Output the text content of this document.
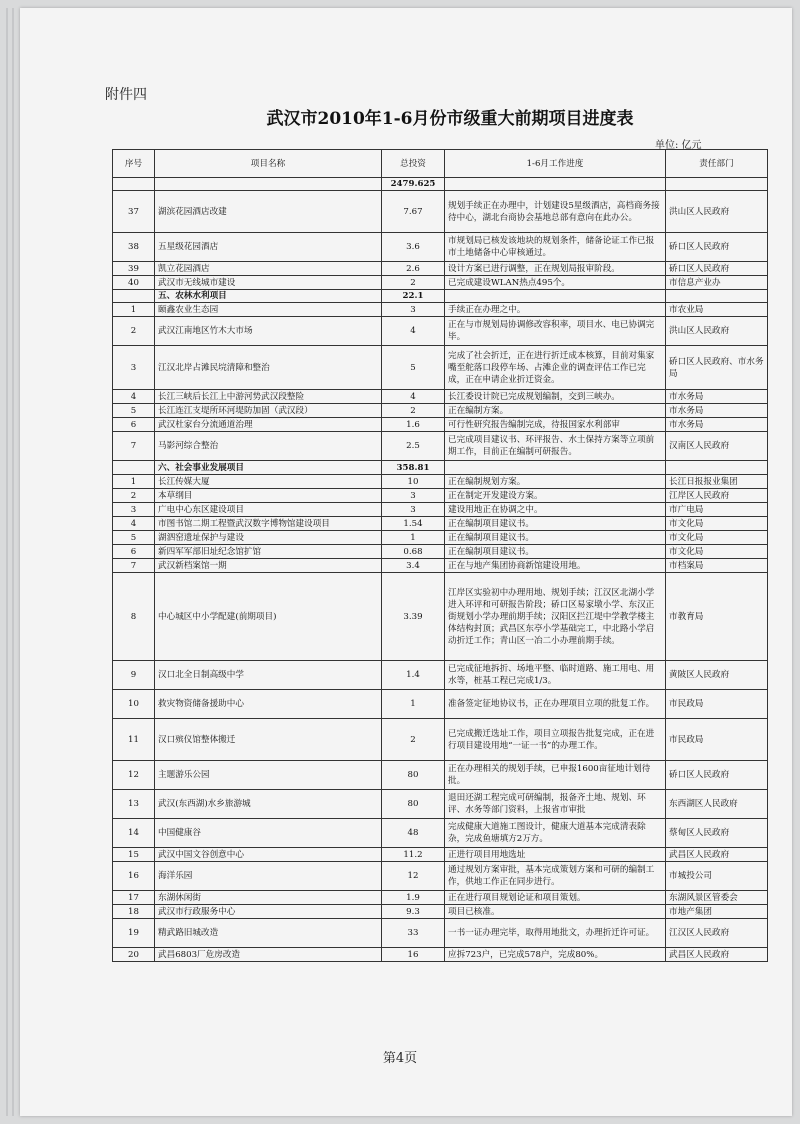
附件四
武汉市2010年1-6月份市级重大前期项目进度表
单位: 亿元
序号	项目名称	总投资	1-6月工作进度	责任部门
		2479.625		
37	湖滨花园酒店改建	7.67	规划手续正在办理中，计划建设5星级酒店，高档商务接待中心，湖北台商协会基地总部有意向在此办公。	洪山区人民政府
38	五星级花园酒店	3.6	市规划局已核发该地块的规划条件，储备论证工作已报市土地储备中心审核通过。	硚口区人民政府
39	凯立花园酒店	2.6	设计方案已进行调整，正在规划局报审阶段。	硚口区人民政府
40	武汉市无线城市建设	2	已完成建设WLAN热点495个。	市信息产业办
	五、农林水利项目	22.1		
1	颐鑫农业生态园	3	手续正在办理之中。	市农业局
2	武汉江南地区竹木大市场	4	正在与市规划局协调修改容积率，项目水、电已协调完毕。	洪山区人民政府
3	江汉北岸占滩民垸清障和整治	5	完成了社会折迁，正在进行折迁成本核算，目前对集家嘴至舵落口段停车场、占滩企业的调查评估工作已完成，正在申请企业折迁资金。	硚口区人民政府、市水务局
4	长江三峡后长江上中游河势武汉段整险	4	长江委设计院已完成规划编制，交到三峡办。	市水务局
5	长江连江支堤所环河堤防加固（武汉段）	2	正在编制方案。	市水务局
6	武汉杜家台分流通道治理	1.6	可行性研究报告编制完成，待报国家水利部审	市水务局
7	马影河综合整治	2.5	已完成项目建议书、环评报告、水土保持方案等立项前期工作，目前正在编制可研报告。	汉南区人民政府
	六、社会事业发展项目	358.81		
1	长江传媒大厦	10	正在编制规划方案。	长江日报报业集团
2	本草纲目	3	正在制定开发建设方案。	江岸区人民政府
3	广电中心东区建设项目	3	建设用地正在协调之中。	市广电局
4	市图书馆二期工程暨武汉数字博物馆建设项目	1.54	正在编制项目建议书。	市文化局
5	湖泗窑遗址保护与建设	1	正在编制项目建议书。	市文化局
6	新四军军部旧址纪念馆扩馆	0.68	正在编制项目建议书。	市文化局
7	武汉新档案馆一期	3.4	正在与地产集团协商新馆建设用地。	市档案局
8	中心城区中小学配建(前期项目)	3.39	江岸区实验初中办理用地、规划手续；江汉区北湖小学进入环评和可研报告阶段；硚口区易家墩小学、东汉正街规划小学办理前期手续；汉阳区拦江堤中学教学楼主体结构封顶；武昌区东亭小学基础完工，中北路小学启动折迁工作；青山区一冶二小办理前期手续。	市教育局
9	汉口北全日制高级中学	1.4	已完成征地拆折、场地平整、临时道路、施工用电、用水等，桩基工程已完成1/3。	黄陂区人民政府
10	救灾物资储备援助中心	1	准备签定征地协议书，正在办理项目立项的批复工作。	市民政局
11	汉口殡仪馆整体搬迁	2	已完成搬迁选址工作，项目立项报告批复完成，正在进行项目建设用地“一证一书”的办理工作。	市民政局
12	主题游乐公园	80	正在办理相关的规划手续，已申报1600亩征地计划待批。	硚口区人民政府
13	武汉(东西湖)水乡旅游城	80	退田还湖工程完成可研编制，报备齐土地、规划、环评、水务等部门资料，上报省市审批	东西湖区人民政府
14	中国健康谷	48	完成健康大道施工图设计，健康大道基本完成清表除杂，完成鱼塘填方2万方。	蔡甸区人民政府
15	武汉中国文谷创意中心	11.2	正进行项目用地选址	武昌区人民政府
16	海洋乐园	12	通过规划方案审批，基本完成策划方案和可研的编制工作，供地工作正在同步进行。	市城投公司
17	东湖休闲街	1.9	正在进行项目规划论证和项目策划。	东湖风景区管委会
18	武汉市行政服务中心	9.3	项目已核准。	市地产集团
19	精武路旧城改造	33	一书一证办理完毕，取得用地批文，办理折迁许可证。	江汉区人民政府
20	武昌6803厂危房改造	16	应拆723户，已完成578户，完成80%。	武昌区人民政府
第4页
